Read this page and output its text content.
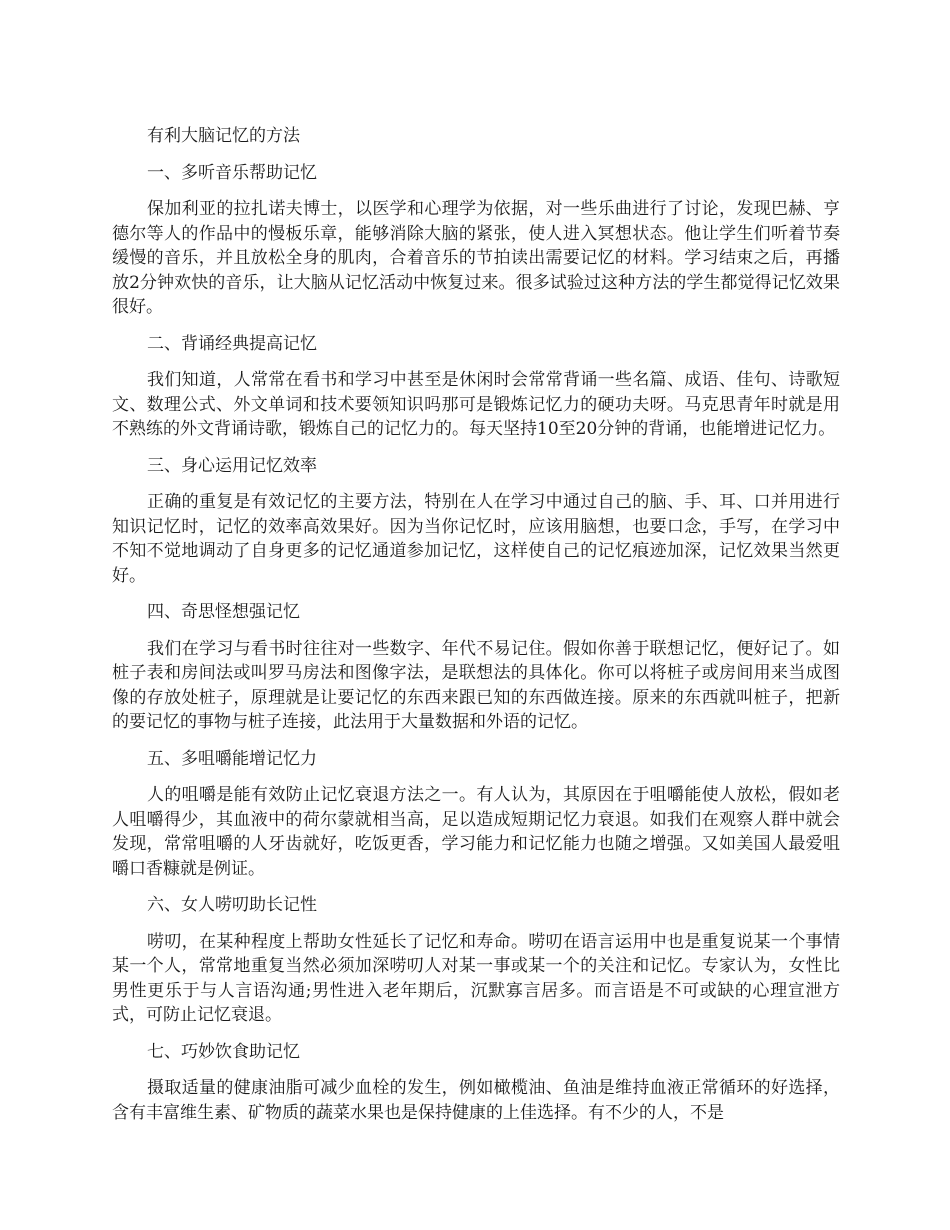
有利大脑记忆的方法

一、多听音乐帮助记忆

保加利亚的拉扎诺夫博士，以医学和心理学为依据，对一些乐曲进行了讨论，发现巴赫、亨德尔等人的作品中的慢板乐章，能够消除大脑的紧张，使人进入冥想状态。他让学生们听着节奏缓慢的音乐，并且放松全身的肌肉，合着音乐的节拍读出需要记忆的材料。学习结束之后，再播放2分钟欢快的音乐，让大脑从记忆活动中恢复过来。很多试验过这种方法的学生都觉得记忆效果很好。

二、背诵经典提高记忆

我们知道，人常常在看书和学习中甚至是休闲时会常常背诵一些名篇、成语、佳句、诗歌短文、数理公式、外文单词和技术要领知识吗那可是锻炼记忆力的硬功夫呀。马克思青年时就是用不熟练的外文背诵诗歌，锻炼自己的记忆力的。每天坚持10至20分钟的背诵，也能增进记忆力。

三、身心运用记忆效率

正确的重复是有效记忆的主要方法，特别在人在学习中通过自己的脑、手、耳、口并用进行知识记忆时，记忆的效率高效果好。因为当你记忆时，应该用脑想，也要口念，手写，在学习中不知不觉地调动了自身更多的记忆通道参加记忆，这样使自己的记忆痕迹加深，记忆效果当然更好。

四、奇思怪想强记忆

我们在学习与看书时往往对一些数字、年代不易记住。假如你善于联想记忆，便好记了。如桩子表和房间法或叫罗马房法和图像字法，是联想法的具体化。你可以将桩子或房间用来当成图像的存放处桩子，原理就是让要记忆的东西来跟已知的东西做连接。原来的东西就叫桩子，把新的要记忆的事物与桩子连接，此法用于大量数据和外语的记忆。

五、多咀嚼能增记忆力

人的咀嚼是能有效防止记忆衰退方法之一。有人认为，其原因在于咀嚼能使人放松，假如老人咀嚼得少，其血液中的荷尔蒙就相当高，足以造成短期记忆力衰退。如我们在观察人群中就会发现，常常咀嚼的人牙齿就好，吃饭更香，学习能力和记忆能力也随之增强。又如美国人最爱咀嚼口香糠就是例证。

六、女人唠叨助长记性

唠叨，在某种程度上帮助女性延长了记忆和寿命。唠叨在语言运用中也是重复说某一个事情某一个人，常常地重复当然必须加深唠叨人对某一事或某一个的关注和记忆。专家认为，女性比男性更乐于与人言语沟通;男性进入老年期后，沉默寡言居多。而言语是不可或缺的心理宣泄方式，可防止记忆衰退。

七、巧妙饮食助记忆

摄取适量的健康油脂可减少血栓的发生，例如橄榄油、鱼油是维持血液正常循环的好选择，含有丰富维生素、矿物质的蔬菜水果也是保持健康的上佳选择。有不少的人，不是
